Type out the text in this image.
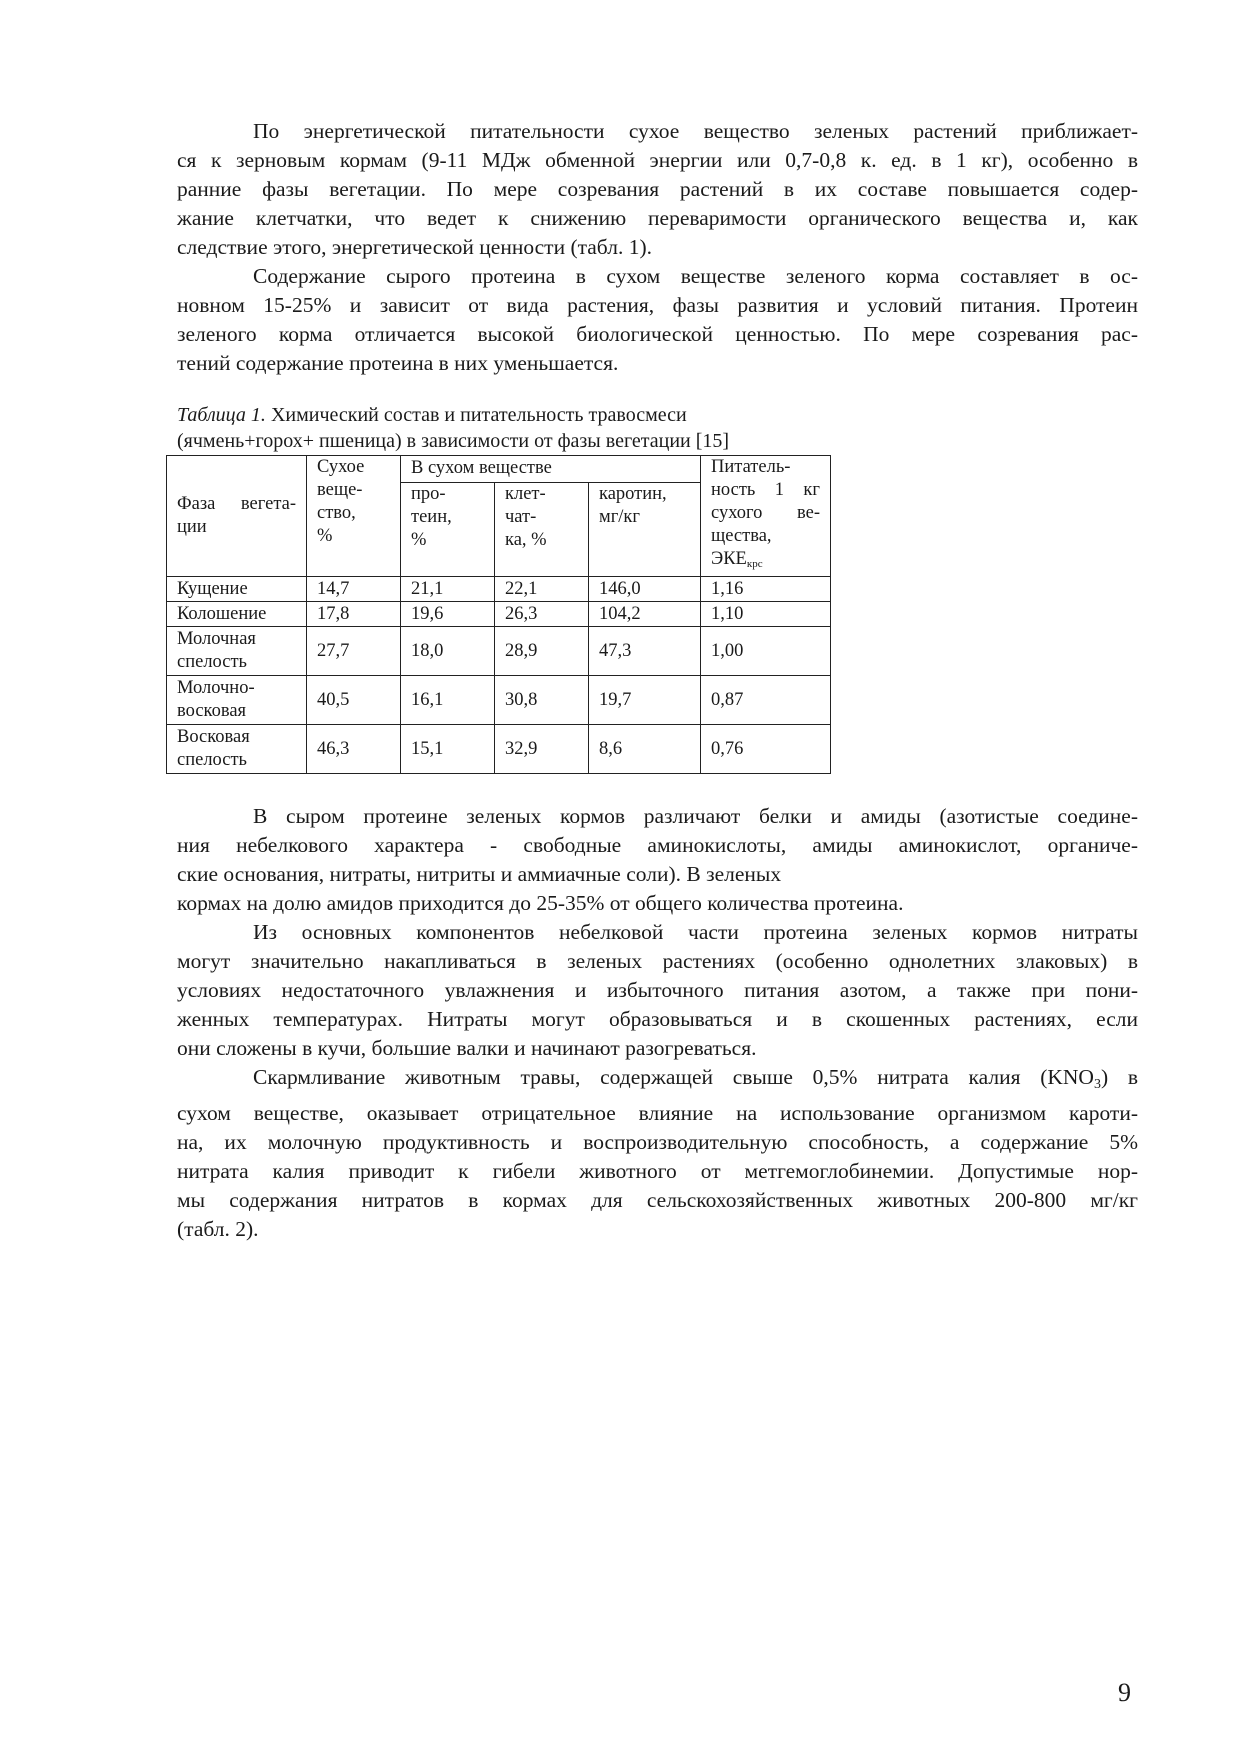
По энергетической питательности сухое вещество зеленых растений приближает-
ся к зерновым кормам (9-11 МДж обменной энергии или 0,7-0,8 к. ед. в 1 кг), особенно в
ранние фазы вегетации. По мере созревания растений в их составе повышается содер-
жание клетчатки, что ведет к снижению переваримости органического вещества и, как
следствие этого, энергетической ценности (табл. 1).

Содержание сырого протеина в сухом веществе зеленого корма составляет в ос-
новном 15-25% и зависит от вида растения, фазы развития и условий питания. Протеин
зеленого корма отличается высокой биологической ценностью. По мере созревания рас-
тений содержание протеина в них уменьшается.

Таблица 1. Химический состав и питательность травосмеси
(ячмень+горох+ пшеница) в зависимости от фазы вегетации [15]
Фаза вегета-
ции	Сухое
веще-
ство,
%	В сухом веществе			Питатель-
ность 1 кг
сухого ве-
щества,
$ЭКЕ_{крс}$

		про-
теин,
%	клет-
чат-
ка, %	каротин,
мг/кг	

Кущение	14,7	21,1	22,1	146,0	1,16
Колошение	17,8	19,6	26,3	104,2	1,10

Молочная
спелость	27,7	18,0	28,9	47,3	1,00

Молочно-
восковая	40,5	16,1	30,8	19,7	0,87

Восковая
спелость	46,3	15,1	32,9	8,6	0,76

В сыром протеине зеленых кормов различают белки и амиды (азотистые соедине-
ния небелкового характера - свободные аминокислоты, амиды аминокислот, органиче-
ские основания, нитраты, нитриты и аммиачные соли). В зеленых
кормах на долю амидов приходится до 25-35% от общего количества протеина.

Из основных компонентов небелковой части протеина зеленых кормов нитраты
могут значительно накапливаться в зеленых растениях (особенно однолетних злаковых) в
условиях недостаточного увлажнения и избыточного питания азотом, а также при пони-
женных температурах. Нитраты могут образовываться и в скошенных растениях, если
они сложены в кучи, большие валки и начинают разогреваться.

Скармливание животным травы, содержащей свыше 0,5% нитрата калия (KNO3) в
сухом веществе, оказывает отрицательное влияние на использование организмом кароти-
на, их молочную продуктивность и воспроизводительную способность, а содержание 5%
нитрата калия приводит к гибели животного от метгемоглобинемии. Допустимые нор-
мы содержания нитратов в кормах для сельскохозяйственных животных 200-800 мг/кг
(табл. 2).

9
